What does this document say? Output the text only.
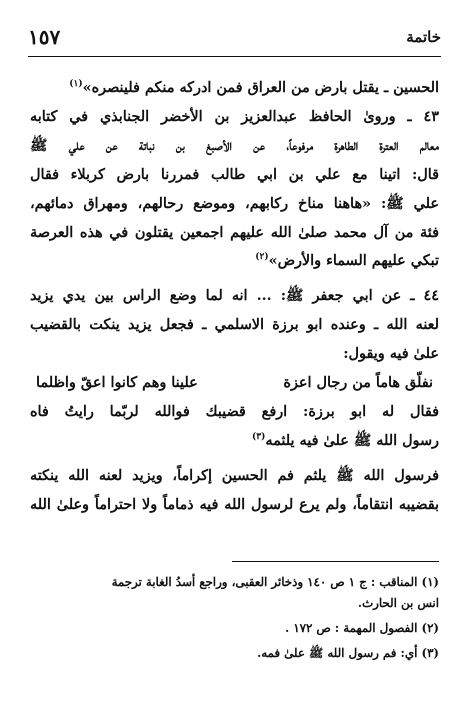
خاتمة
١٥٧

الحسين ـ يقتل بارض من العراق فمن ادركه منكم فلينصره»$^{(١)}$

٤٣ ـ وروىٰ الحافظ عبدالعزيز بن الأخضر الجنابذي في كتابه
معالم العترة الطاهرة مرفوعاً، عن الأصبغ بن نباتة عن علي ﷺ
قال: اتينا مع علي بن ابي طالب فمررنا بارض كربلاء فقال
علي ﷺ: «هاهنا مناخ ركابهم، وموضع رحالهم، ومهراق دمائهم،
فئة من آل محمد صلىٰ الله عليهم اجمعين يقتلون في هذه العرصة
تبكي عليهم السماء والأرض»$^{(٢)}$

٤٤ ـ عن ابي جعفر ﷺ: ... انه لما وضع الراس بين يدي يزيد
لعنه الله ـ وعنده ابو برزة الاسلمي ـ فجعل يزيد ينكت بالقضيب
علىٰ فيه ويقول:

نفلّق هاماً من رجال اعزة
علينا وهم كانوا اعقّ واظلما

فقال له ابو برزة: ارفع قضيبك فوالله لربّما رايتُ فاه
رسول الله ﷺ علىٰ فيه يلثمه$^{(٣)}$

فرسول الله ﷺ يلثم فم الحسين إكراماً، ويزيد لعنه الله ينكته
بقضيبه انتقاماً، ولم يرع لرسول الله فيه ذماماً ولا احتراماً وعلىٰ الله

(١) المناقب : ج ١ ص ١٤٠ وذخائر العقبى، وراجع أسدُ الغابة ترجمة
انس بن الحارث.
(٢) الفصول المهمة : ص ١٧٢ .
(٣) أي: فم رسول الله ﷺ علىٰ فمه.
